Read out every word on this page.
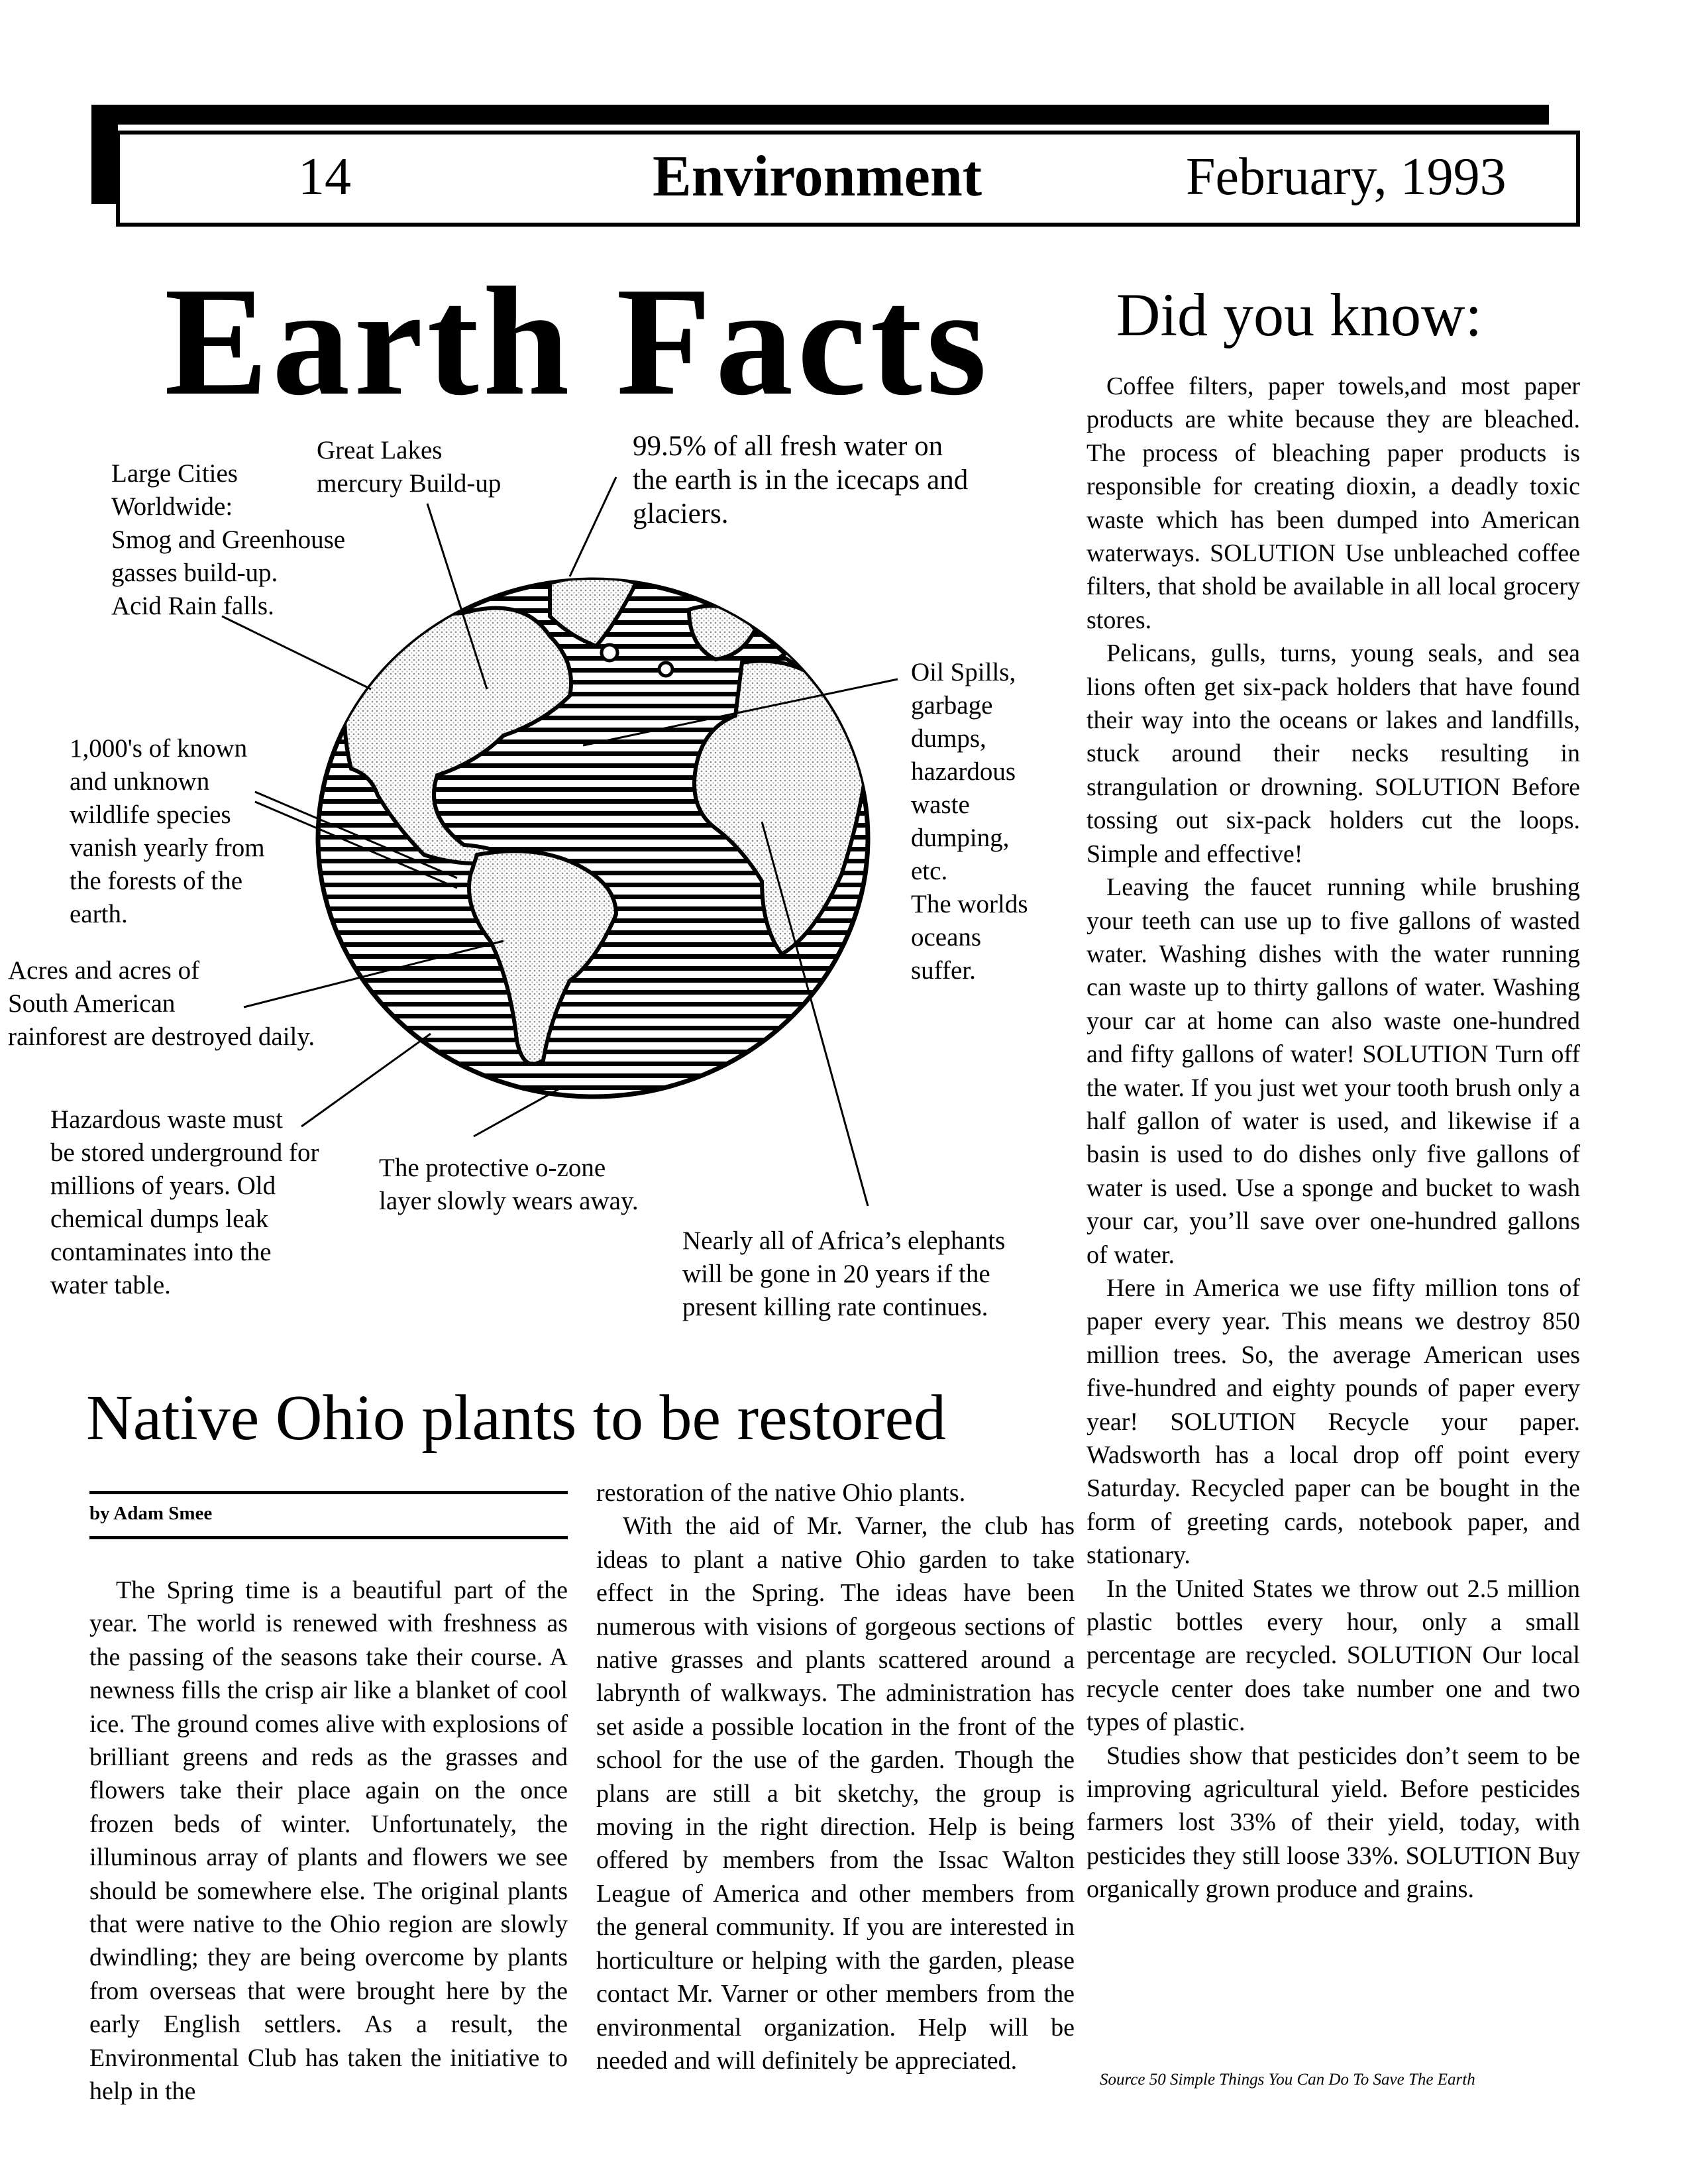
14	Environment	February, 1993
Earth Facts
Large Cities
Worldwide:
Smog and Greenhouse
gasses build-up.
Acid Rain falls.
Great Lakes
mercury Build-up
99.5% of all fresh water on
the earth is in the icecaps and
glaciers.
Oil Spills,
garbage
dumps,
hazardous
waste
dumping,
etc.
The worlds
oceans
suffer.
1,000's of known
and unknown
wildlife species
vanish yearly from
the forests of the
earth.
Acres and acres of
South American
rainforest are destroyed daily.
Hazardous waste must
be stored underground for
millions of years. Old
chemical dumps leak
contaminates into the
water table.
The protective o-zone
layer slowly wears away.
Nearly all of Africa’s elephants
will be gone in 20 years if the
present killing rate continues.
Did you know:

Coffee filters, paper towels,and most paper products are white because they are bleached. The process of bleaching paper products is responsible for creating dioxin, a deadly toxic waste which has been dumped into American waterways. SOLUTION Use unbleached coffee filters, that shold be available in all local grocery stores.

Pelicans, gulls, turns, young seals, and sea lions often get six-pack holders that have found their way into the oceans or lakes and landfills, stuck around their necks resulting in strangulation or drowning. SOLUTION Before tossing out six-pack holders cut the loops. Simple and effective!

Leaving the faucet running while brushing your teeth can use up to five gallons of wasted water. Washing dishes with the water running can waste up to thirty gallons of water. Washing your car at home can also waste one-hundred and fifty gallons of water! SOLUTION Turn off the water. If you just wet your tooth brush only a half gallon of water is used, and likewise if a basin is used to do dishes only five gallons of water is used. Use a sponge and bucket to wash your car, you’ll save over one-hundred gallons of water.

Here in America we use fifty million tons of paper every year. This means we destroy 850 million trees. So, the average American uses five-hundred and eighty pounds of paper every year! SOLUTION Recycle your paper. Wadsworth has a local drop off point every Saturday. Recycled paper can be bought in the form of greeting cards, notebook paper, and stationary.

In the United States we throw out 2.5 million plastic bottles every hour, only a small percentage are recycled. SOLUTION Our local recycle center does take number one and two types of plastic.

Studies show that pesticides don’t seem to be improving agricultural yield. Before pesticides farmers lost 33% of their yield, today, with pesticides they still loose 33%. SOLUTION Buy organically grown produce and grains.

Source 50 Simple Things You Can Do To Save The Earth
Native Ohio plants to be restored
by Adam Smee

The Spring time is a beautiful part of the year. The world is renewed with freshness as the passing of the seasons take their course. A newness fills the crisp air like a blanket of cool ice. The ground comes alive with explosions of brilliant greens and reds as the grasses and flowers take their place again on the once frozen beds of winter. Unfortunately, the illuminous array of plants and flowers we see should be somewhere else. The original plants that were native to the Ohio region are slowly dwindling; they are being overcome by plants from overseas that were brought here by the early English settlers. As a result, the Environmental Club has taken the initiative to help in the

restoration of the native Ohio plants.

With the aid of Mr. Varner, the club has ideas to plant a native Ohio garden to take effect in the Spring. The ideas have been numerous with visions of gorgeous sections of native grasses and plants scattered around a labrynth of walkways. The administration has set aside a possible location in the front of the school for the use of the garden. Though the plans are still a bit sketchy, the group is moving in the right direction. Help is being offered by members from the Issac Walton League of America and other members from the general community. If you are interested in horticulture or helping with the garden, please contact Mr. Varner or other members from the environmental organization. Help will be needed and will definitely be appreciated.
